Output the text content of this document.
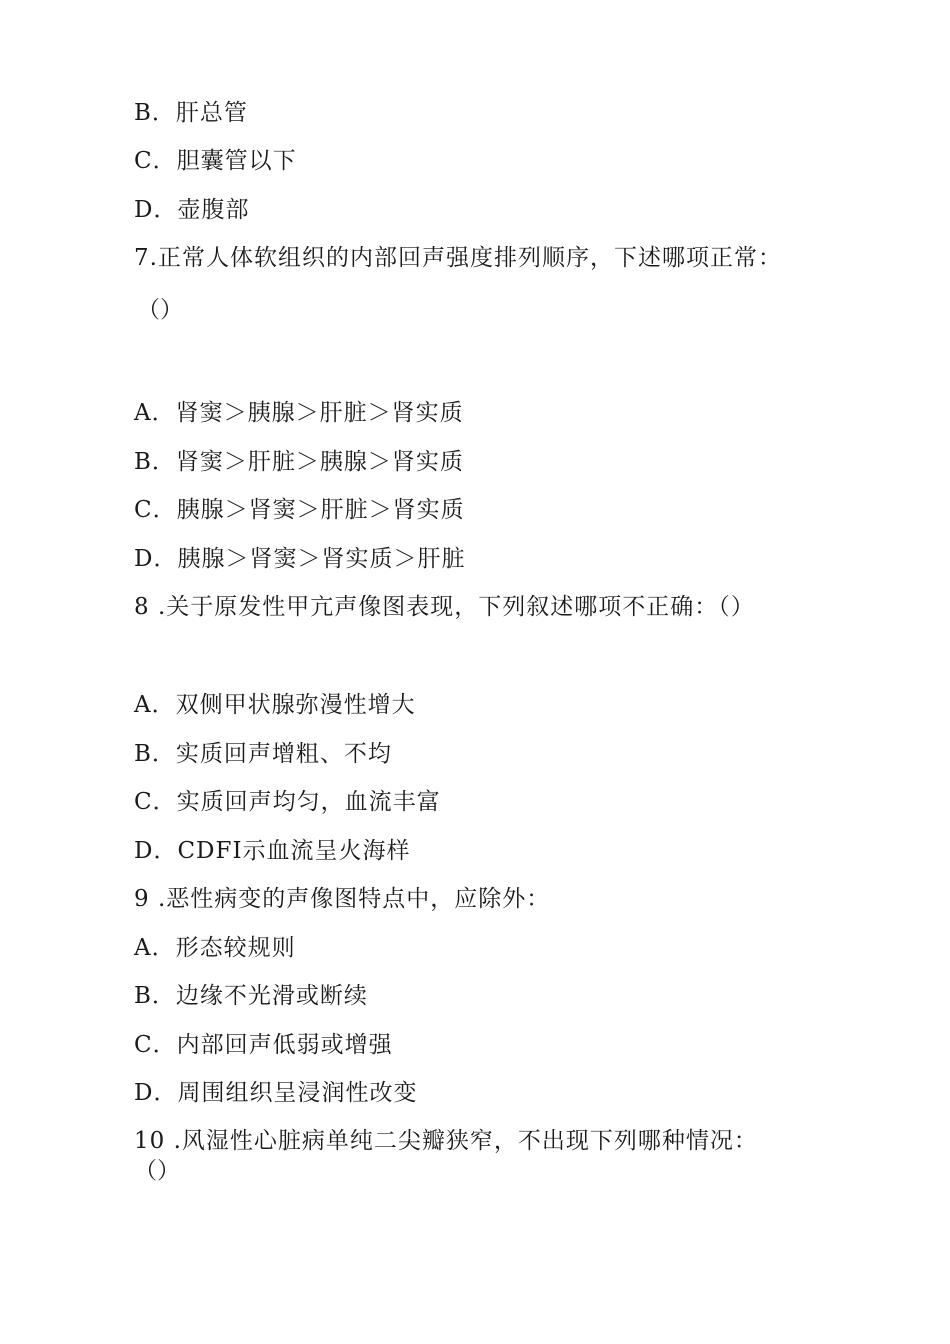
B．肝总管
C．胆囊管以下
D．壶腹部
7.正常人体软组织的内部回声强度排列顺序，下述哪项正常：
（）
A．肾窦＞胰腺＞肝脏＞肾实质
B．肾窦＞肝脏＞胰腺＞肾实质
C．胰腺＞肾窦＞肝脏＞肾实质
D．胰腺＞肾窦＞肾实质＞肝脏
8 .关于原发性甲亢声像图表现，下列叙述哪项不正确：（）
A．双侧甲状腺弥漫性增大
B．实质回声增粗、不均
C．实质回声均匀，血流丰富
D．CDFI示血流呈火海样
9 .恶性病变的声像图特点中，应除外：
A．形态较规则
B．边缘不光滑或断续
C．内部回声低弱或增强
D．周围组织呈浸润性改变
10 .风湿性心脏病单纯二尖瓣狭窄，不出现下列哪种情况：
（）
